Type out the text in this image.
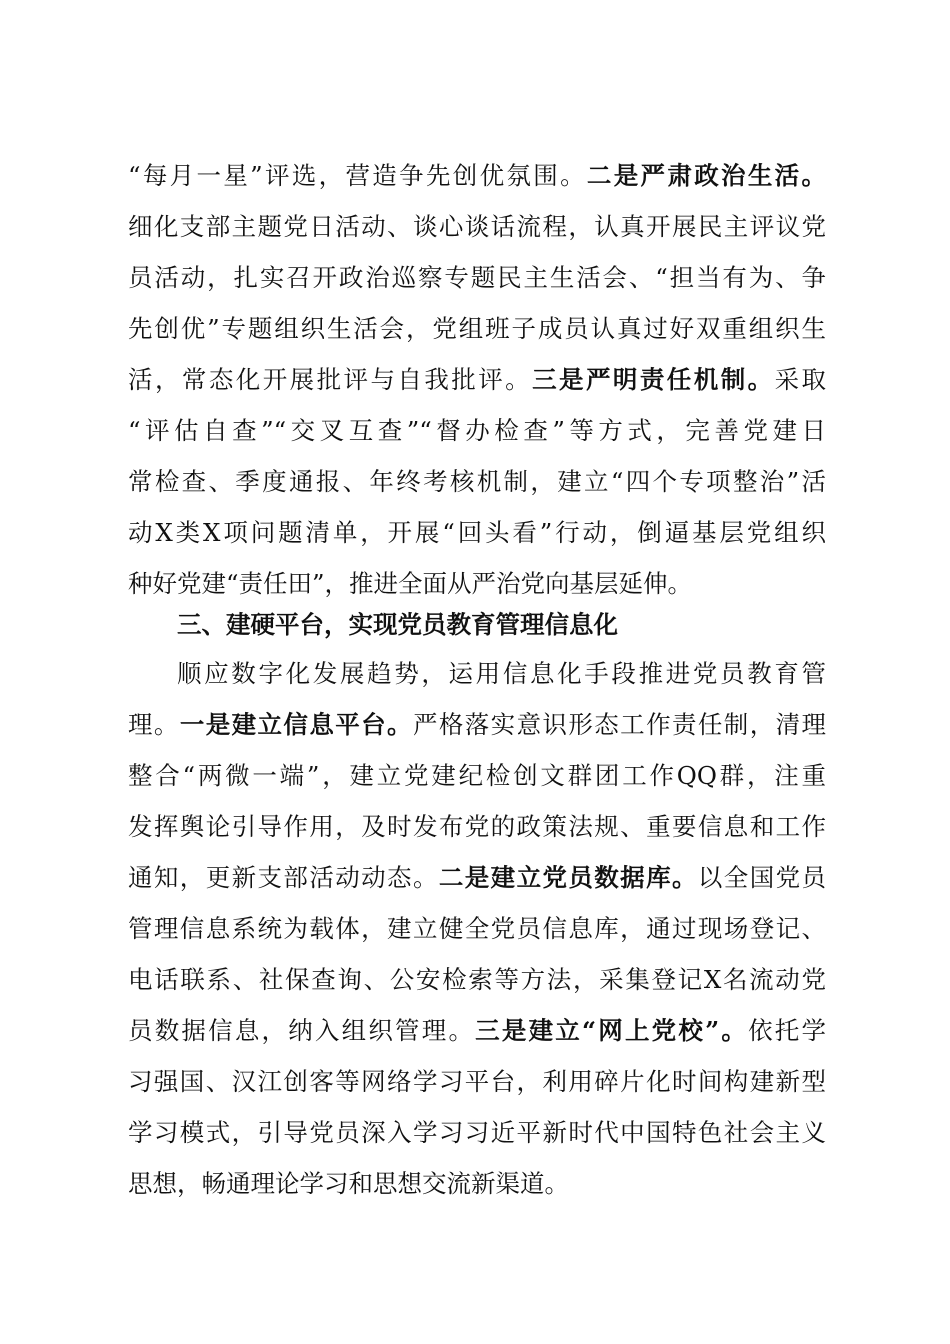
“每月一星”评选，营造争先创优氛围。二是严肃政治生活。
细化支部主题党日活动、谈心谈话流程，认真开展民主评议党
员活动，扎实召开政治巡察专题民主生活会、“担当有为、争
先创优”专题组织生活会，党组班子成员认真过好双重组织生
活，常态化开展批评与自我批评。三是严明责任机制。采取
“评估自查”“交叉互查”“督办检查”等方式，完善党建日
常检查、季度通报、年终考核机制，建立“四个专项整治”活
动X类X项问题清单，开展“回头看”行动，倒逼基层党组织
种好党建“责任田”，推进全面从严治党向基层延伸。
三、建硬平台，实现党员教育管理信息化
顺应数字化发展趋势，运用信息化手段推进党员教育管
理。一是建立信息平台。严格落实意识形态工作责任制，清理
整合“两微一端”，建立党建纪检创文群团工作QQ群，注重
发挥舆论引导作用，及时发布党的政策法规、重要信息和工作
通知，更新支部活动动态。二是建立党员数据库。以全国党员
管理信息系统为载体，建立健全党员信息库，通过现场登记、
电话联系、社保查询、公安检索等方法，采集登记X名流动党
员数据信息，纳入组织管理。三是建立“网上党校”。依托学
习强国、汉江创客等网络学习平台，利用碎片化时间构建新型
学习模式，引导党员深入学习习近平新时代中国特色社会主义
思想，畅通理论学习和思想交流新渠道。
